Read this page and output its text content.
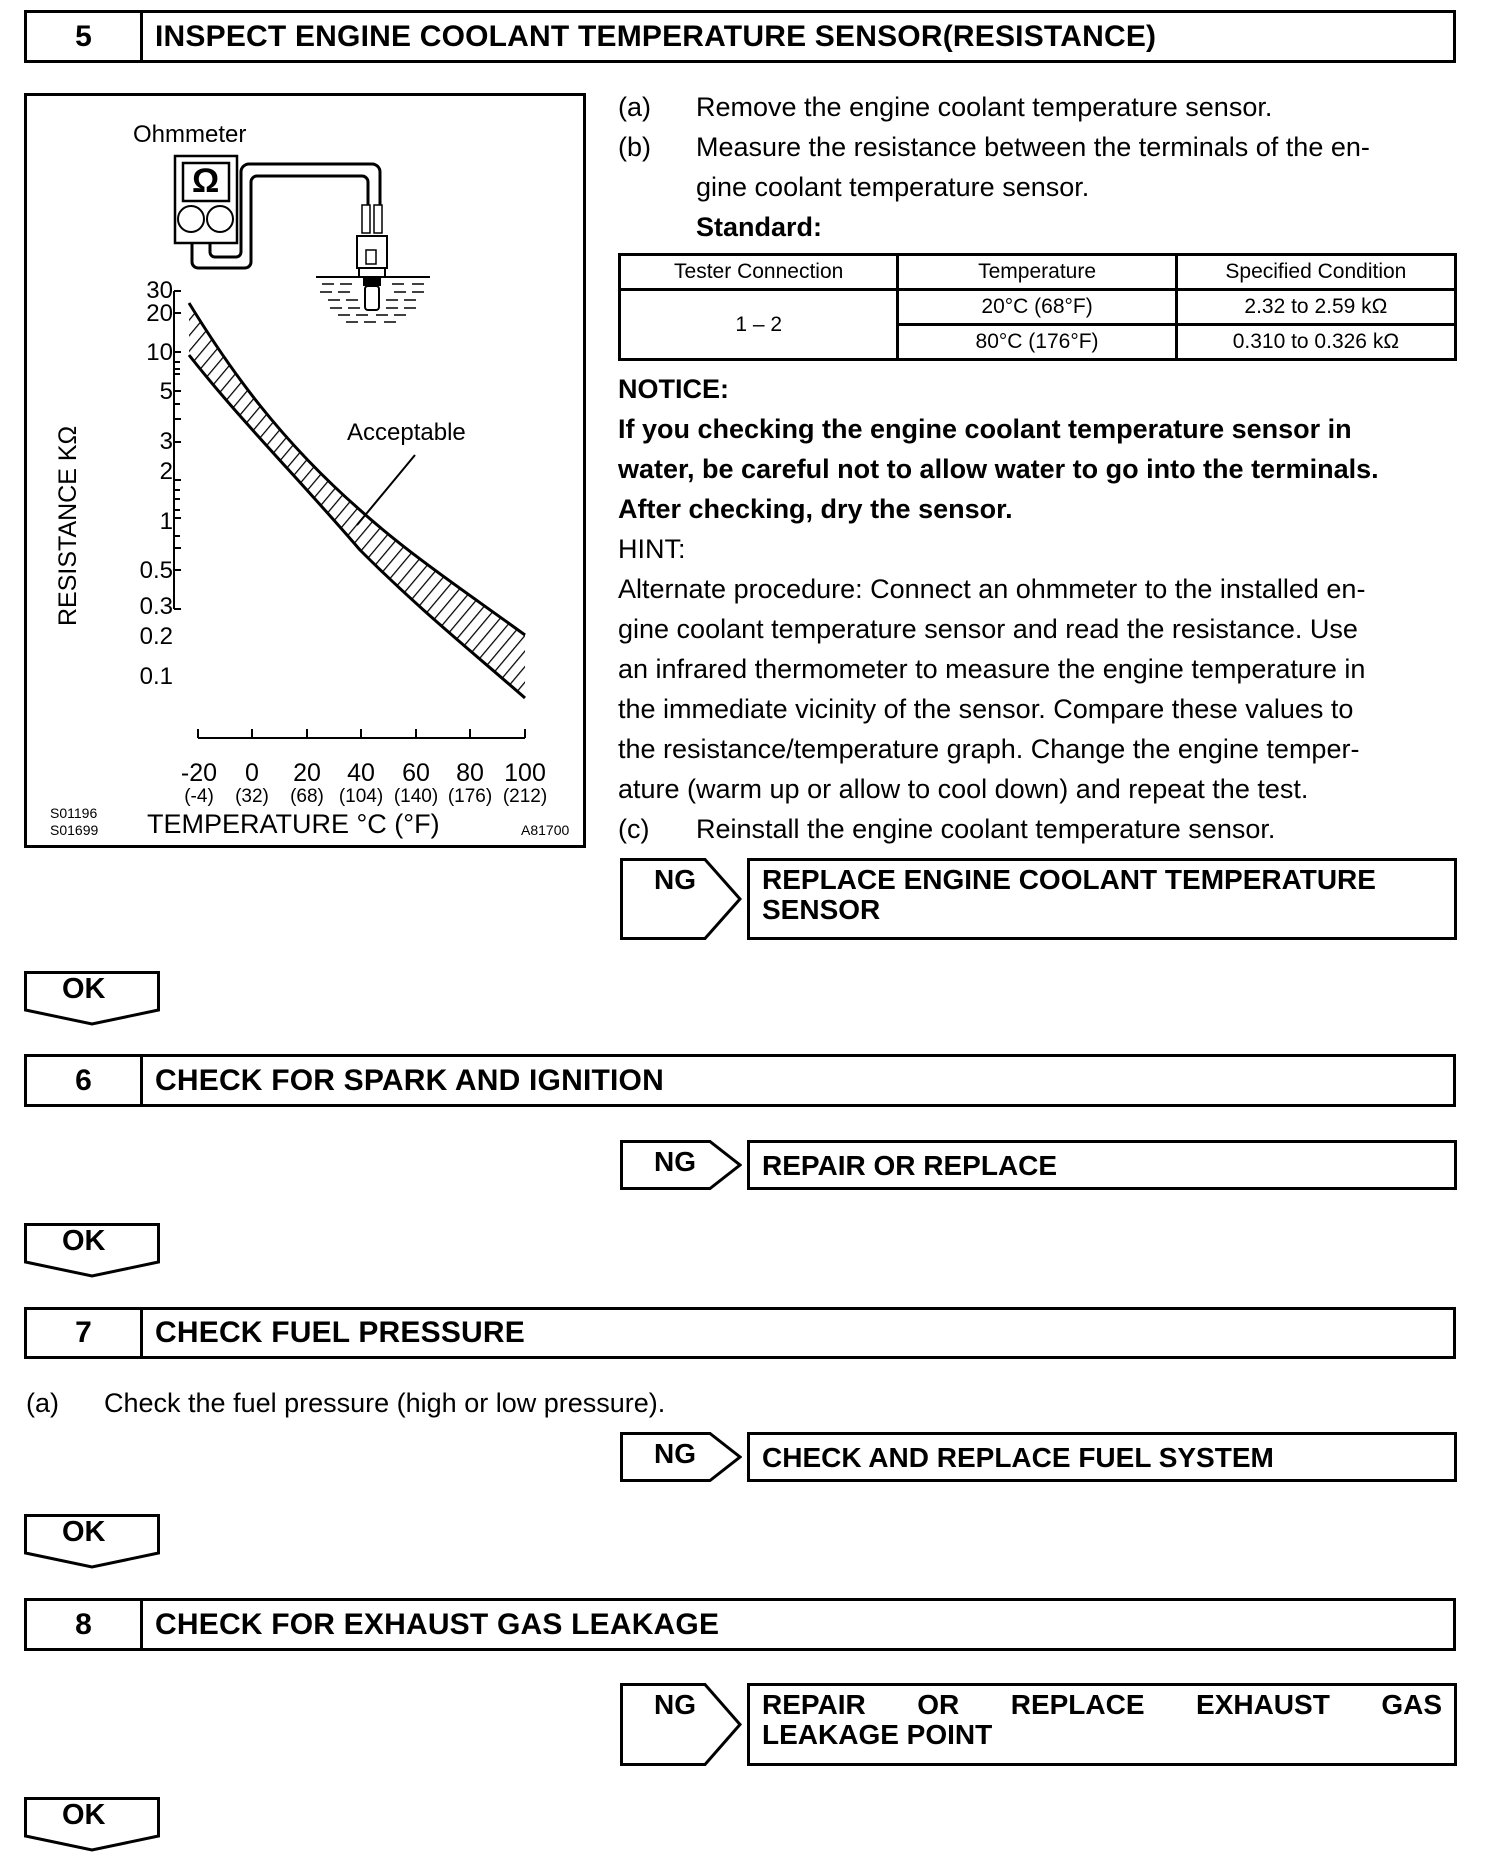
5	INSPECT ENGINE COOLANT TEMPERATURE SENSOR(RESISTANCE)
Ohmmeter
Ω
Acceptable
30
20
10
5
3
2
1
0.5
0.3
0.2
0.1
RESISTANCE KΩ
-20	0	20	40	60	80 100
(-4)	(32)	(68) (104) (140) (176) (212)
TEMPERATURE °C (°F)
S01196
S01699	A81700
(a) Remove the engine coolant temperature sensor.
(b) Measure the resistance between the terminals of the en-
gine coolant temperature sensor.
Standard:
Tester Connection	Temperature	Specified Condition
1 – 2	20°C (68°F)	2.32 to 2.59 kΩ
	80°C (176°F)	0.310 to 0.326 kΩ
NOTICE:
If you checking the engine coolant temperature sensor in
water, be careful not to allow water to go into the terminals.
After checking, dry the sensor.
HINT:
Alternate procedure: Connect an ohmmeter to the installed en-
gine coolant temperature sensor and read the resistance. Use
an infrared thermometer to measure the engine temperature in
the immediate vicinity of the sensor. Compare these values to
the resistance/temperature graph. Change the engine temper-
ature (warm up or allow to cool down) and repeat the test.
(c) Reinstall the engine coolant temperature sensor.
NG REPLACE ENGINE COOLANT TEMPERATURE
SENSOR
OK
6	CHECK FOR SPARK AND IGNITION
NG REPAIR OR REPLACE
OK
7	CHECK FUEL PRESSURE
(a) Check the fuel pressure (high or low pressure).
NG CHECK AND REPLACE FUEL SYSTEM
OK
8	CHECK FOR EXHAUST GAS LEAKAGE
NG REPAIR OR REPLACE EXHAUST GAS
LEAKAGE POINT
OK
